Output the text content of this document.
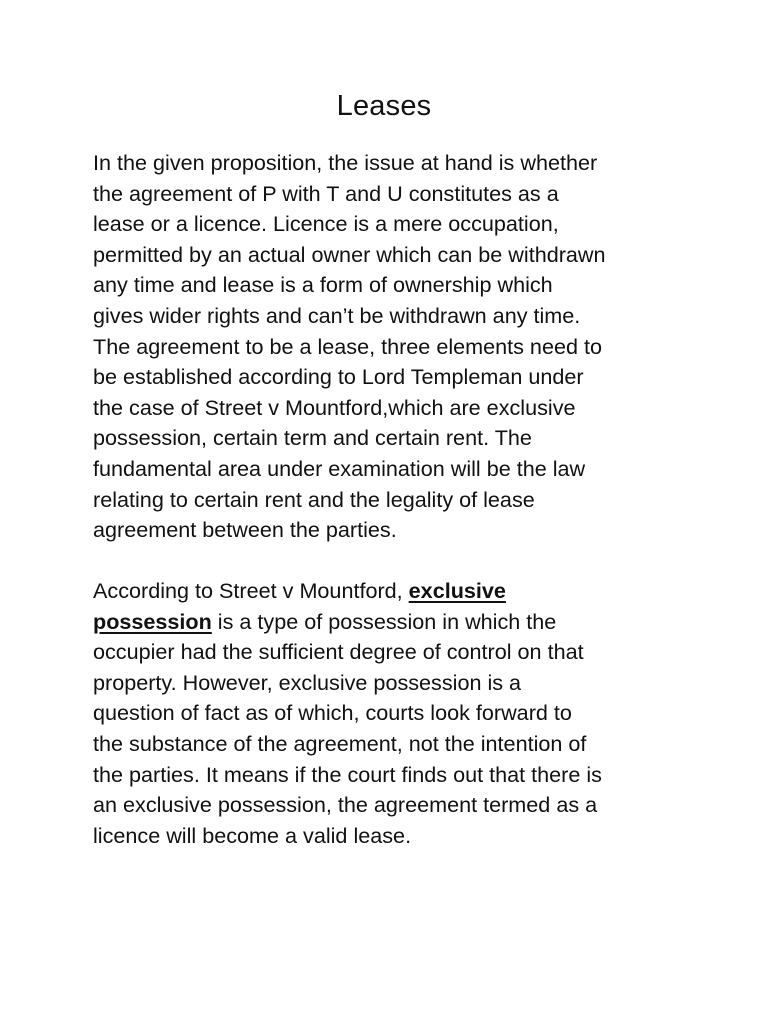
Leases

In the given proposition, the issue at hand is whether
the agreement of P with T and U constitutes as a
lease or a licence. Licence is a mere occupation,
permitted by an actual owner which can be withdrawn
any time and lease is a form of ownership which
gives wider rights and can’t be withdrawn any time.
The agreement to be a lease, three elements need to
be established according to Lord Templeman under
the case of Street v Mountford,which are exclusive
possession, certain term and certain rent. The
fundamental area under examination will be the law
relating to certain rent and the legality of lease
agreement between the parties.

According to Street v Mountford, exclusive
possession is a type of possession in which the
occupier had the sufficient degree of control on that
property. However, exclusive possession is a
question of fact as of which, courts look forward to
the substance of the agreement, not the intention of
the parties. It means if the court finds out that there is
an exclusive possession, the agreement termed as a
licence will become a valid lease.
